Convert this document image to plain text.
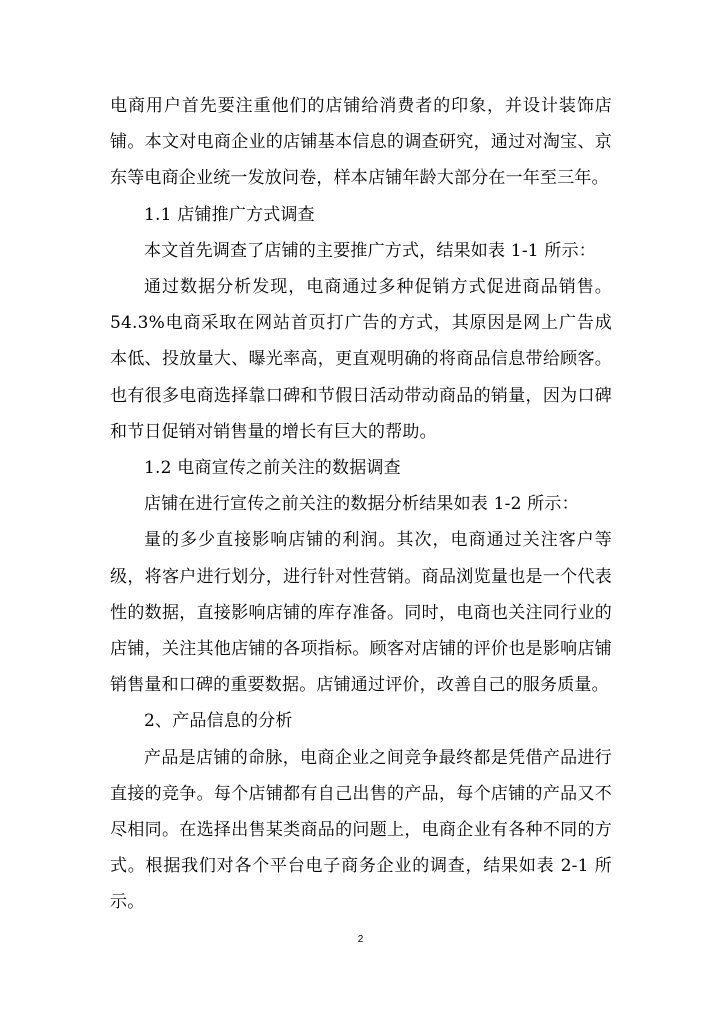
电商用户首先要注重他们的店铺给消费者的印象，并设计装饰店铺。本文对电商企业的店铺基本信息的调查研究，通过对淘宝、京东等电商企业统一发放问卷，样本店铺年龄大部分在一年至三年。

1.1 店铺推广方式调查

本文首先调查了店铺的主要推广方式，结果如表 1-1 所示：

通过数据分析发现，电商通过多种促销方式促进商品销售。54.3%电商采取在网站首页打广告的方式，其原因是网上广告成本低、投放量大、曝光率高，更直观明确的将商品信息带给顾客。也有很多电商选择靠口碑和节假日活动带动商品的销量，因为口碑和节日促销对销售量的增长有巨大的帮助。

1.2 电商宣传之前关注的数据调查

店铺在进行宣传之前关注的数据分析结果如表 1-2 所示：

量的多少直接影响店铺的利润。其次，电商通过关注客户等级，将客户进行划分，进行针对性营销。商品浏览量也是一个代表性的数据，直接影响店铺的库存准备。同时，电商也关注同行业的店铺，关注其他店铺的各项指标。顾客对店铺的评价也是影响店铺销售量和口碑的重要数据。店铺通过评价，改善自己的服务质量。

2、产品信息的分析

产品是店铺的命脉，电商企业之间竞争最终都是凭借产品进行直接的竞争。每个店铺都有自己出售的产品，每个店铺的产品又不尽相同。在选择出售某类商品的问题上，电商企业有各种不同的方式。根据我们对各个平台电子商务企业的调查，结果如表 2-1 所示。

2
